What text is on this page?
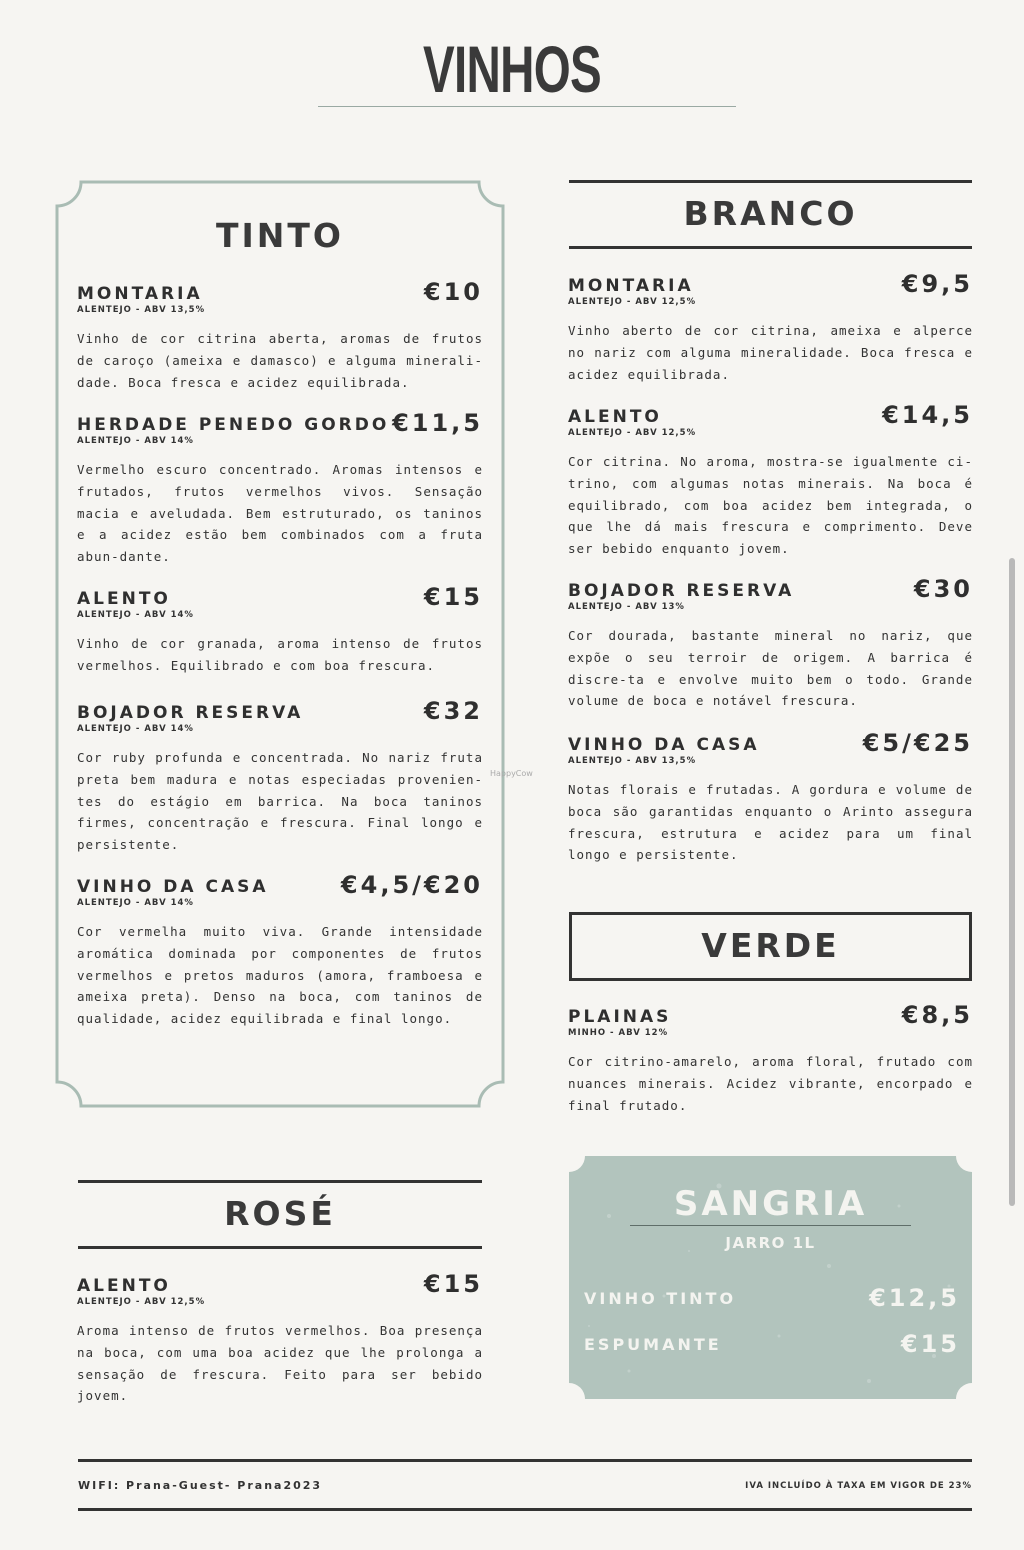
VINHOS
TINTO
MONTARIA
ALENTEJO - ABV 13,5%
€10
Vinho de cor citrina aberta, aromas de frutos de caroço (ameixa e damasco) e alguma minerali-dade. Boca fresca e acidez equilibrada.
HERDADE PENEDO GORDO
ALENTEJO - ABV 14%
€11,5
Vermelho escuro concentrado. Aromas intensos e frutados, frutos vermelhos vivos. Sensação macia e aveludada. Bem estruturado, os taninos e a acidez estão bem combinados com a fruta abun-dante.
ALENTO
ALENTEJO - ABV 14%
€15
Vinho de cor granada, aroma intenso de frutos vermelhos. Equilibrado e com boa frescura.
BOJADOR RESERVA
ALENTEJO - ABV 14%
€32
Cor ruby profunda e concentrada. No nariz fruta preta bem madura e notas especiadas provenien-tes do estágio em barrica. Na boca taninos firmes, concentração e frescura. Final longo e persistente.
VINHO DA CASA
ALENTEJO - ABV 14%
€4,5/€20
Cor vermelha muito viva. Grande intensidade aromática dominada por componentes de frutos vermelhos e pretos maduros (amora, framboesa e ameixa preta). Denso na boca, com taninos de qualidade, acidez equilibrada e final longo.
BRANCO
MONTARIA
ALENTEJO - ABV 12,5%
€9,5
Vinho aberto de cor citrina, ameixa e alperce no nariz com alguma mineralidade. Boca fresca e acidez equilibrada.
ALENTO
ALENTEJO - ABV 12,5%
€14,5
Cor citrina. No aroma, mostra-se igualmente ci-trino, com algumas notas minerais. Na boca é equilibrado, com boa acidez bem integrada, o que lhe dá mais frescura e comprimento. Deve ser bebido enquanto jovem.
BOJADOR RESERVA
ALENTEJO - ABV 13%
€30
Cor dourada, bastante mineral no nariz, que expõe o seu terroir de origem. A barrica é discre-ta e envolve muito bem o todo. Grande volume de boca e notável frescura.
VINHO DA CASA
ALENTEJO - ABV 13,5%
€5/€25
Notas florais e frutadas. A gordura e volume de boca são garantidas enquanto o Arinto assegura frescura, estrutura e acidez para um final longo e persistente.
VERDE
PLAINAS
MINHO - ABV 12%
€8,5
Cor citrino-amarelo, aroma floral, frutado com nuances minerais. Acidez vibrante, encorpado e final frutado.
ROSÉ
ALENTO
ALENTEJO - ABV 12,5%
€15
Aroma intenso de frutos vermelhos. Boa presença na boca, com uma boa acidez que lhe prolonga a sensação de frescura. Feito para ser bebido jovem.
SANGRIA
JARRO 1L
VINHO TINTO	€12,5
ESPUMANTE	€15
HappyCow
WIFI: Prana-Guest- Prana2023	IVA INCLUÍDO À TAXA EM VIGOR DE 23%
